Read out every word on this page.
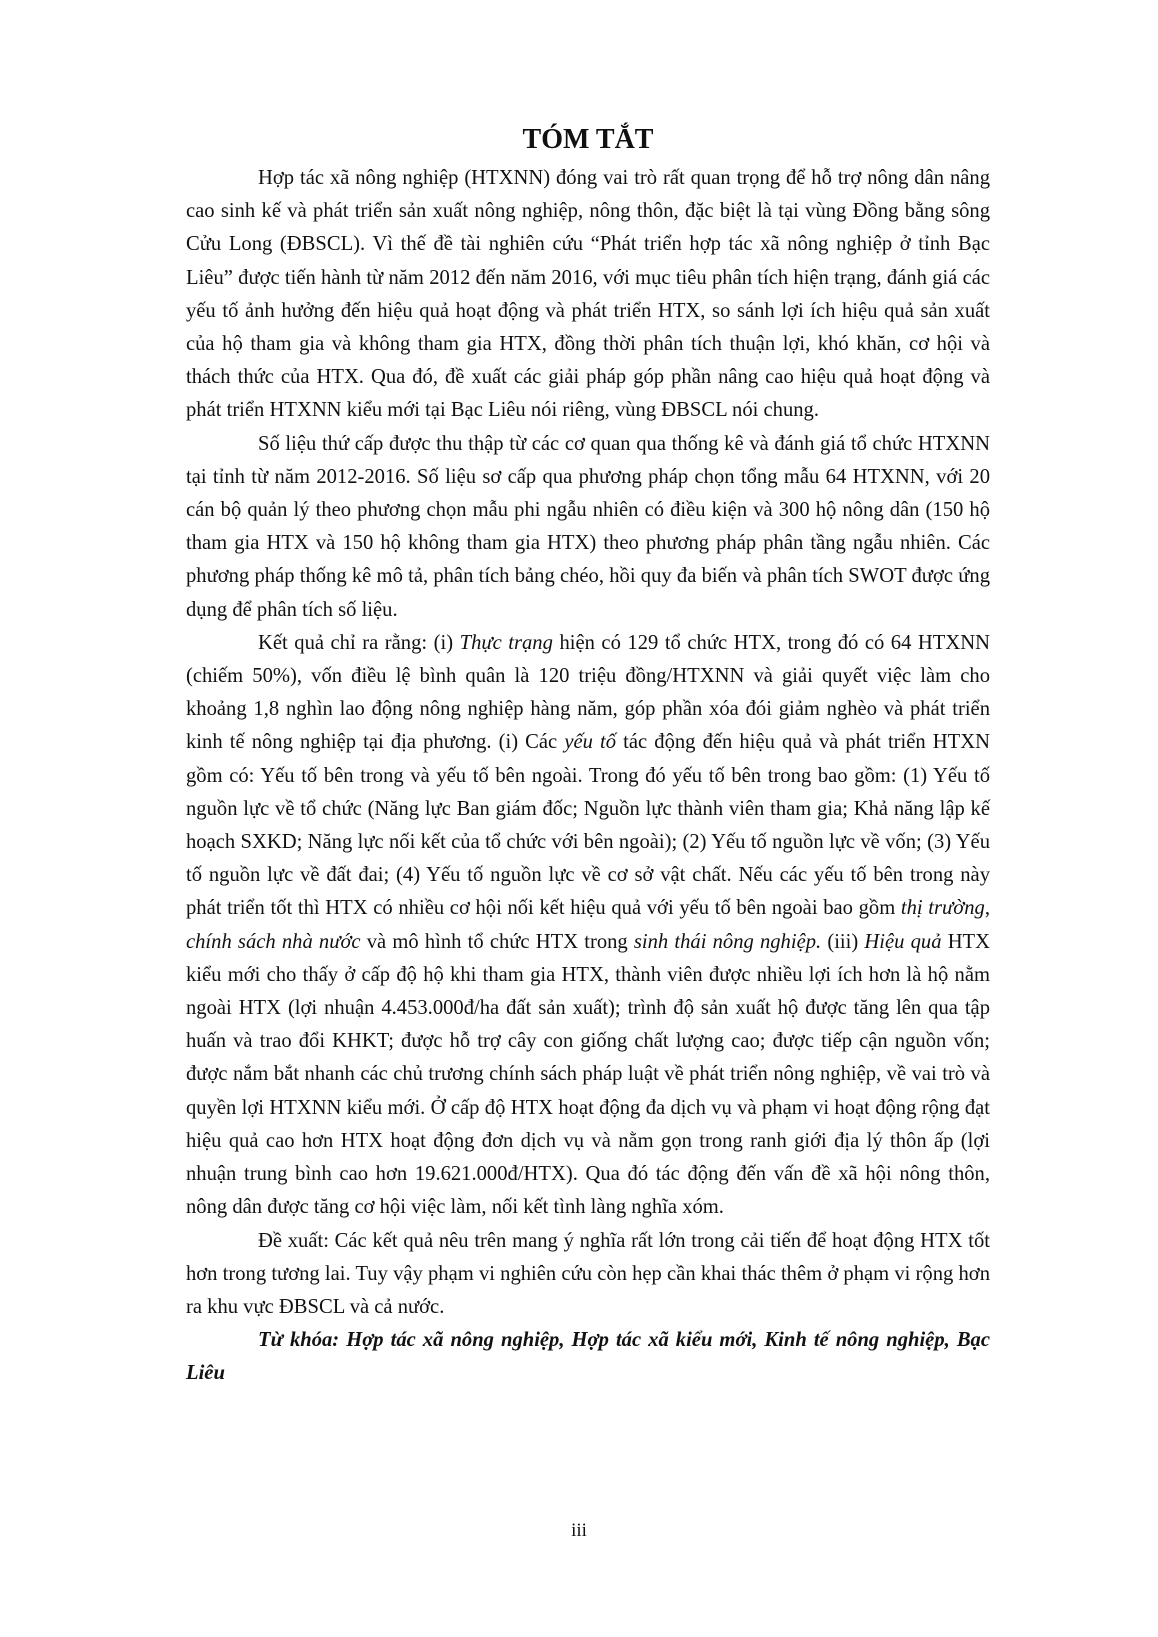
TÓM TẮT

Hợp tác xã nông nghiệp (HTXNN) đóng vai trò rất quan trọng để hỗ trợ nông dân nâng cao sinh kế và phát triển sản xuất nông nghiệp, nông thôn, đặc biệt là tại vùng Đồng bằng sông Cửu Long (ĐBSCL). Vì thế đề tài nghiên cứu “Phát triển hợp tác xã nông nghiệp ở tỉnh Bạc Liêu” được tiến hành từ năm 2012 đến năm 2016, với mục tiêu phân tích hiện trạng, đánh giá các yếu tố ảnh hưởng đến hiệu quả hoạt động và phát triển HTX, so sánh lợi ích hiệu quả sản xuất của hộ tham gia và không tham gia HTX, đồng thời phân tích thuận lợi, khó khăn, cơ hội và thách thức của HTX. Qua đó, đề xuất các giải pháp góp phần nâng cao hiệu quả hoạt động và phát triển HTXNN kiểu mới tại Bạc Liêu nói riêng, vùng ĐBSCL nói chung.

Số liệu thứ cấp được thu thập từ các cơ quan qua thống kê và đánh giá tổ chức HTXNN tại tỉnh từ năm 2012-2016. Số liệu sơ cấp qua phương pháp chọn tổng mẫu 64 HTXNN, với 20 cán bộ quản lý theo phương chọn mẫu phi ngẫu nhiên có điều kiện và 300 hộ nông dân (150 hộ tham gia HTX và 150 hộ không tham gia HTX) theo phương pháp phân tầng ngẫu nhiên. Các phương pháp thống kê mô tả, phân tích bảng chéo, hồi quy đa biến và phân tích SWOT được ứng dụng để phân tích số liệu.

Kết quả chỉ ra rằng: (i) Thực trạng hiện có 129 tổ chức HTX, trong đó có 64 HTXNN (chiếm 50%), vốn điều lệ bình quân là 120 triệu đồng/HTXNN và giải quyết việc làm cho khoảng 1,8 nghìn lao động nông nghiệp hàng năm, góp phần xóa đói giảm nghèo và phát triển kinh tế nông nghiệp tại địa phương. (i) Các yếu tố tác động đến hiệu quả và phát triển HTXN gồm có: Yếu tố bên trong và yếu tố bên ngoài. Trong đó yếu tố bên trong bao gồm: (1) Yếu tố nguồn lực về tổ chức (Năng lực Ban giám đốc; Nguồn lực thành viên tham gia; Khả năng lập kế hoạch SXKD; Năng lực nối kết của tổ chức với bên ngoài); (2) Yếu tố nguồn lực về vốn; (3) Yếu tố nguồn lực về đất đai; (4) Yếu tố nguồn lực về cơ sở vật chất. Nếu các yếu tố bên trong này phát triển tốt thì HTX có nhiều cơ hội nối kết hiệu quả với yếu tố bên ngoài bao gồm thị trường, chính sách nhà nước và mô hình tổ chức HTX trong sinh thái nông nghiệp. (iii) Hiệu quả HTX kiểu mới cho thấy ở cấp độ hộ khi tham gia HTX, thành viên được nhiều lợi ích hơn là hộ nằm ngoài HTX (lợi nhuận 4.453.000đ/ha đất sản xuất); trình độ sản xuất hộ được tăng lên qua tập huấn và trao đổi KHKT; được hỗ trợ cây con giống chất lượng cao; được tiếp cận nguồn vốn; được nắm bắt nhanh các chủ trương chính sách pháp luật về phát triển nông nghiệp, về vai trò và quyền lợi HTXNN kiểu mới. Ở cấp độ HTX hoạt động đa dịch vụ và phạm vi hoạt động rộng đạt hiệu quả cao hơn HTX hoạt động đơn dịch vụ và nằm gọn trong ranh giới địa lý thôn ấp (lợi nhuận trung bình cao hơn 19.621.000đ/HTX). Qua đó tác động đến vấn đề xã hội nông thôn, nông dân được tăng cơ hội việc làm, nối kết tình làng nghĩa xóm.

Đề xuất: Các kết quả nêu trên mang ý nghĩa rất lớn trong cải tiến để hoạt động HTX tốt hơn trong tương lai. Tuy vậy phạm vi nghiên cứu còn hẹp cần khai thác thêm ở phạm vi rộng hơn ra khu vực ĐBSCL và cả nước.

Từ khóa: Hợp tác xã nông nghiệp, Hợp tác xã kiểu mới, Kinh tế nông nghiệp, Bạc Liêu

iii
